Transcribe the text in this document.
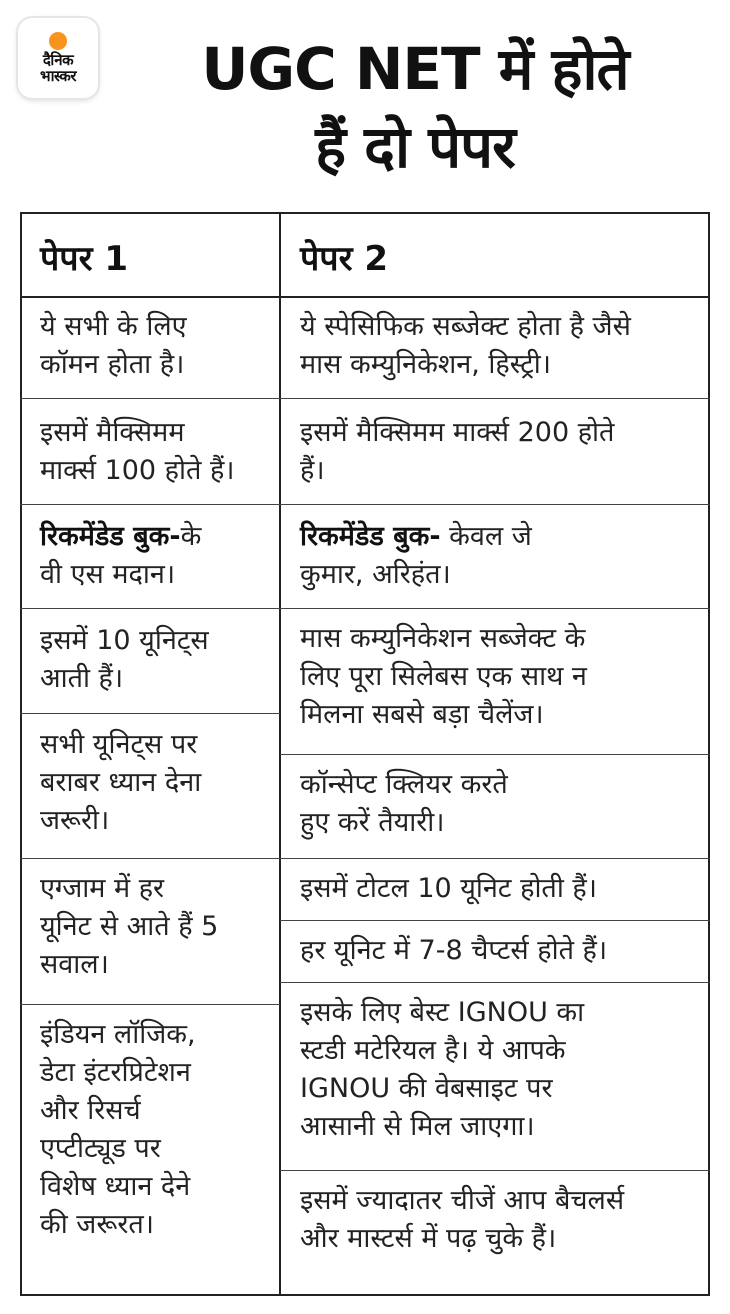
दैनिक
भास्कर	UGC NET में होते
हैं दो पेपर
पेपर 1	पेपर 2
ये सभी के लिए
कॉमन होता है।
इसमें मैक्सिमम
मार्क्स 100 होते हैं।
रिकमेंडेड बुक-के
वी एस मदान।
इसमें 10 यूनिट्स
आती हैं।
सभी यूनिट्स पर
बराबर ध्यान देना
जरूरी।
एग्जाम में हर
यूनिट से आते हैं 5
सवाल।
इंडियन लॉजिक,
डेटा इंटरप्रिटेशन
और रिसर्च
एप्टीट्यूड पर
विशेष ध्यान देने
की जरूरत।
ये स्पेसिफिक सब्जेक्ट होता है जैसे
मास कम्युनिकेशन, हिस्ट्री।
इसमें मैक्सिमम मार्क्स 200 होते
हैं।
रिकमेंडेड बुक- केवल जे
कुमार, अरिहंत।
मास कम्युनिकेशन सब्जेक्ट के
लिए पूरा सिलेबस एक साथ न
मिलना सबसे बड़ा चैलेंज।
कॉन्सेप्ट क्लियर करते
हुए करें तैयारी।
इसमें टोटल 10 यूनिट होती हैं।
हर यूनिट में 7-8 चैप्टर्स होते हैं।
इसके लिए बेस्ट IGNOU का
स्टडी मटेरियल है। ये आपके
IGNOU की वेबसाइट पर
आसानी से मिल जाएगा।
इसमें ज्यादातर चीजें आप बैचलर्स
और मास्टर्स में पढ़ चुके हैं।
